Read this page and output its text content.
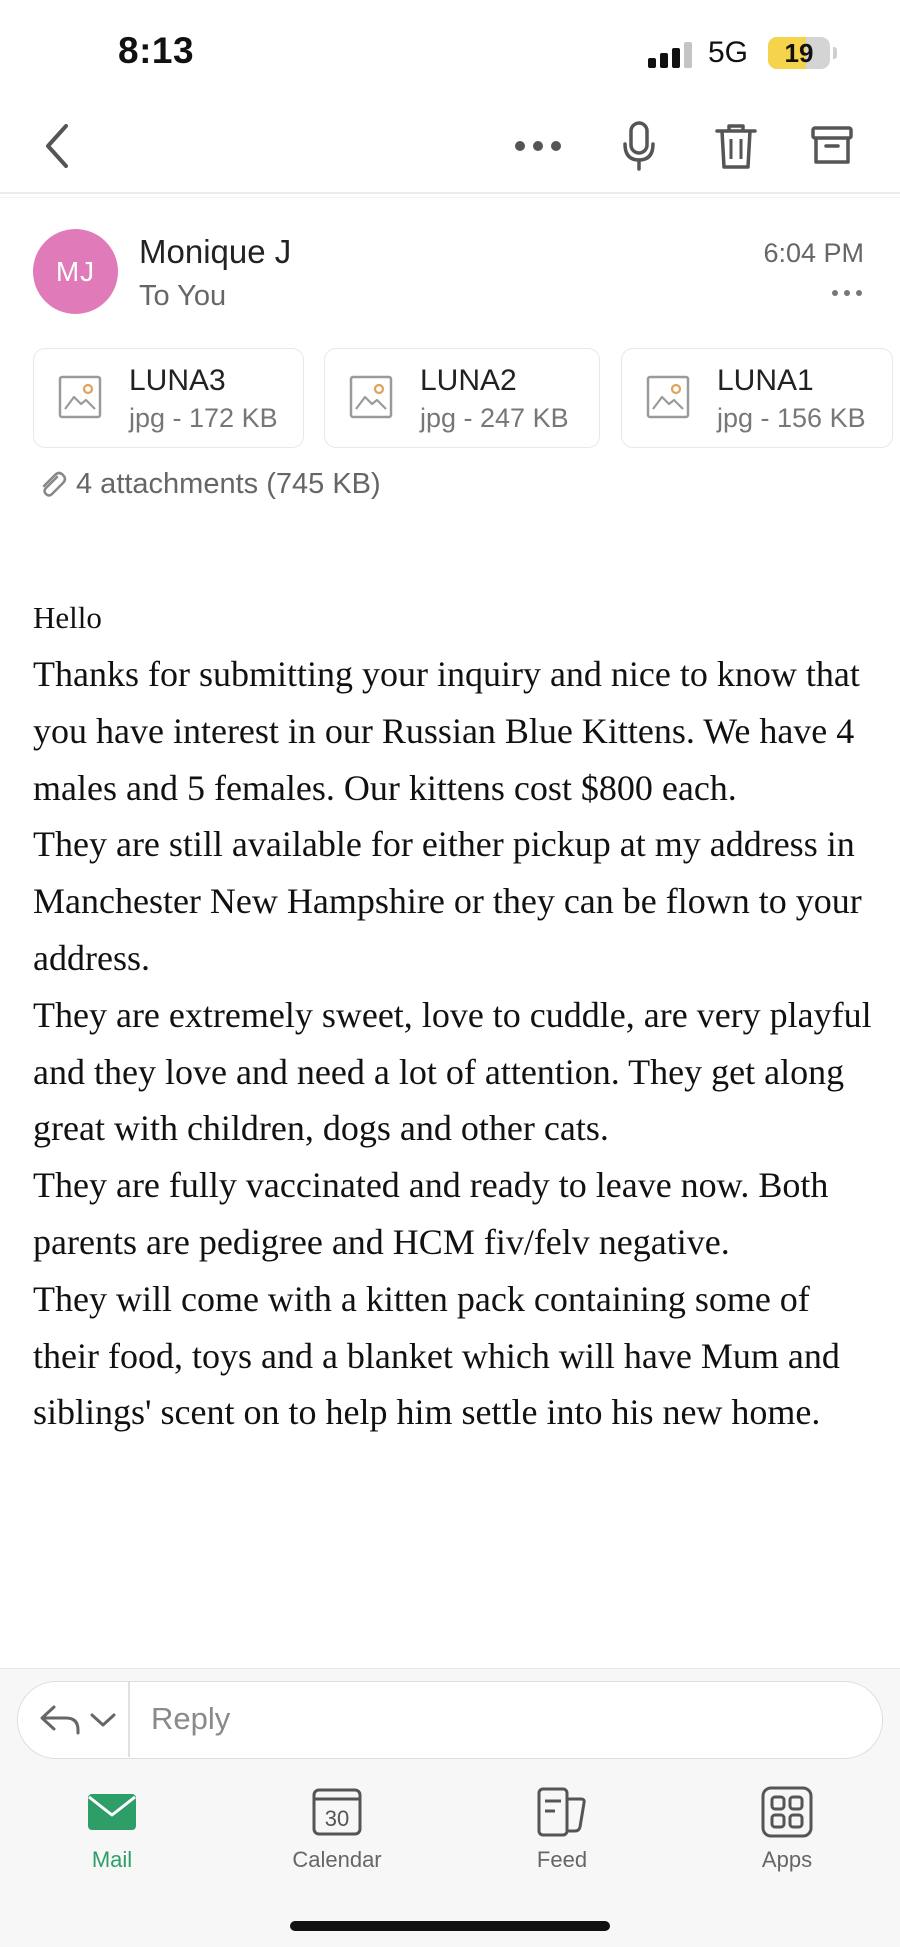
8:13	5G	19
MJ
Monique J
To You
6:04 PM
LUNA3
jpg - 172 KB
LUNA2
jpg - 247 KB
LUNA1
jpg - 156 KB
4 attachments (745 KB)
Hello
Thanks for submitting your inquiry and nice to know that you have interest in our Russian Blue Kittens. We have 4 males and 5 females. Our kittens cost $800 each.
They are still available for either pickup at my address in Manchester New Hampshire or they can be flown to your address.
They are extremely sweet, love to cuddle, are very playful and they love and need a lot of attention. They get along great with children, dogs and other cats.
They are fully vaccinated and ready to leave now. Both parents are pedigree and HCM fiv/felv negative.
They will come with a kitten pack containing some of their food, toys and a blanket which will have Mum and siblings' scent on to help him settle into his new home.
Reply
Mail
30
Calendar	Feed	Apps
